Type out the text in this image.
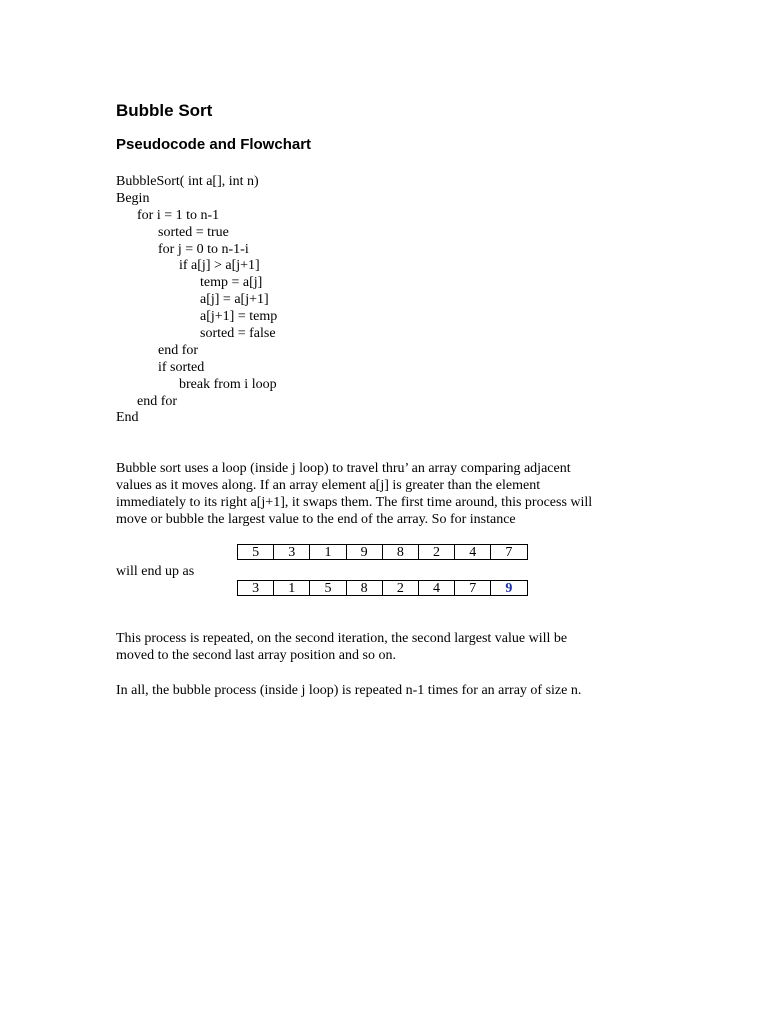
Bubble Sort
Pseudocode and Flowchart
BubbleSort( int a[], int n)
Begin
for i = 1 to n-1
sorted = true
for j = 0 to n-1-i
if a[j] > a[j+1]
temp = a[j]
a[j] = a[j+1]
a[j+1] = temp
sorted = false
end for
if sorted
break from i loop
end for
End
Bubble sort uses a loop (inside j loop) to travel thru’ an array comparing adjacent
values as it moves along. If an array element a[j] is greater than the element
immediately to its right a[j+1], it swaps them. The first time around, this process will
move or bubble the largest value to the end of the array. So for instance
5	3	1	9	8	2	4	7
will end up as
3	1	5	8	2	4	7	9
This process is repeated, on the second iteration, the second largest value will be
moved to the second last array position and so on.
In all, the bubble process (inside j loop) is repeated n-1 times for an array of size n.
